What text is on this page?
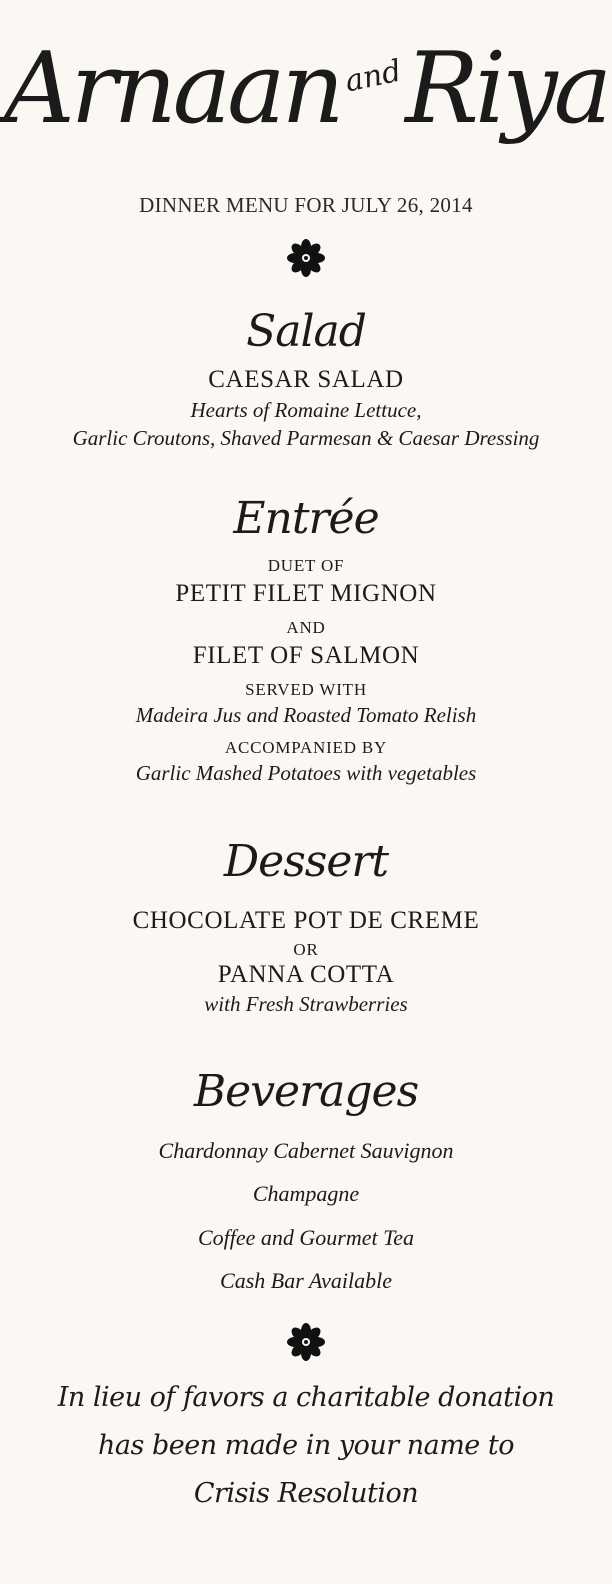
ArnaanandRiya
DINNER MENU FOR JULY 26, 2014
Salad
CAESAR SALAD
Hearts of Romaine Lettuce,
Garlic Croutons, Shaved Parmesan & Caesar Dressing
Entrée
DUET OF
PETIT FILET MIGNON
AND
FILET OF SALMON
SERVED WITH
Madeira Jus and Roasted Tomato Relish
ACCOMPANIED BY
Garlic Mashed Potatoes with vegetables
Dessert
CHOCOLATE POT DE CREME
OR
PANNA COTTA
with Fresh Strawberries
Beverages
Chardonnay Cabernet Sauvignon
Champagne
Coffee and Gourmet Tea
Cash Bar Available
In lieu of favors a charitable donation
has been made in your name to
Crisis Resolution
